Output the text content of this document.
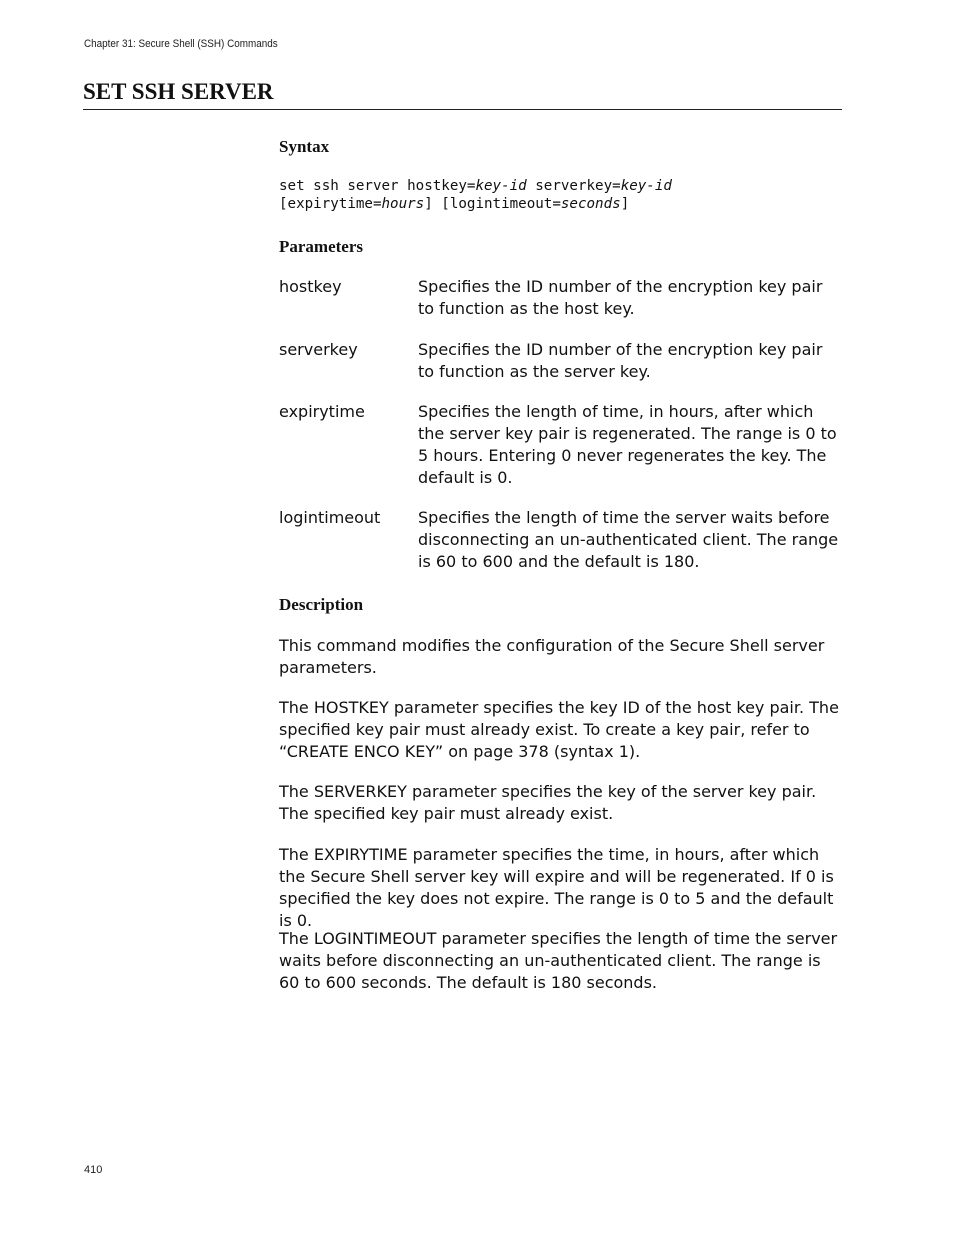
Chapter 31: Secure Shell (SSH) Commands
SET SSH SERVER
Syntax
set ssh server hostkey=key-id serverkey=key-id
[expirytime=hours] [logintimeout=seconds]
Parameters
hostkey	Specifies the ID number of the encryption key pair to function as the host key.

serverkey	Specifies the ID number of the encryption key pair to function as the server key.

expirytime	Specifies the length of time, in hours, after which the server key pair is regenerated. The range is 0 to 5 hours. Entering 0 never regenerates the key. The default is 0.

logintimeout Specifies the length of time the server waits before disconnecting an un-authenticated client. The range is 60 to 600 and the default is 180.

Description

This command modifies the configuration of the Secure Shell server parameters.

The HOSTKEY parameter specifies the key ID of the host key pair. The specified key pair must already exist. To create a key pair, refer to “CREATE ENCO KEY” on page 378 (syntax 1).

The SERVERKEY parameter specifies the key of the server key pair. The specified key pair must already exist.

The EXPIRYTIME parameter specifies the time, in hours, after which the Secure Shell server key will expire and will be regenerated. If 0 is specified the key does not expire. The range is 0 to 5 and the default is 0.

The LOGINTIMEOUT parameter specifies the length of time the server waits before disconnecting an un-authenticated client. The range is 60 to 600 seconds. The default is 180 seconds.

410
